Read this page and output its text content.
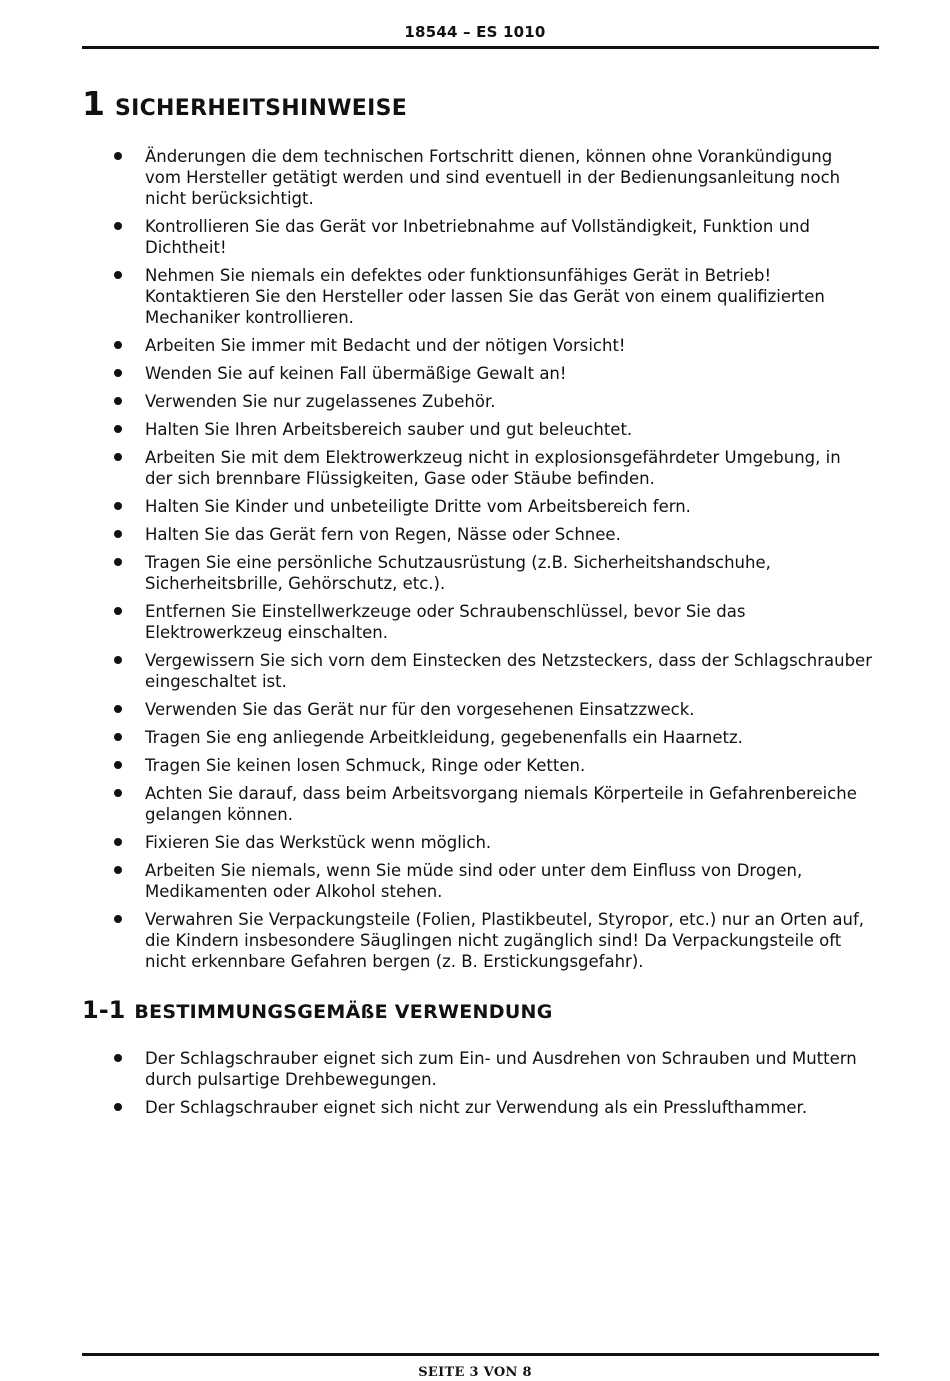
18544 – ES 1010
1 SICHERHEITSHINWEISE
Änderungen die dem technischen Fortschritt dienen, können ohne Vorankündigung vom Hersteller getätigt werden und sind eventuell in der Bedienungsanleitung noch nicht berücksichtigt.
Kontrollieren Sie das Gerät vor Inbetriebnahme auf Vollständigkeit, Funktion und Dichtheit!
Nehmen Sie niemals ein defektes oder funktionsunfähiges Gerät in Betrieb! Kontaktieren Sie den Hersteller oder lassen Sie das Gerät von einem qualifizierten Mechaniker kontrollieren.
Arbeiten Sie immer mit Bedacht und der nötigen Vorsicht!
Wenden Sie auf keinen Fall übermäßige Gewalt an!
Verwenden Sie nur zugelassenes Zubehör.
Halten Sie Ihren Arbeitsbereich sauber und gut beleuchtet.
Arbeiten Sie mit dem Elektrowerkzeug nicht in explosionsgefährdeter Umgebung, in der sich brennbare Flüssigkeiten, Gase oder Stäube befinden.
Halten Sie Kinder und unbeteiligte Dritte vom Arbeitsbereich fern.
Halten Sie das Gerät fern von Regen, Nässe oder Schnee.
Tragen Sie eine persönliche Schutzausrüstung (z.B. Sicherheitshandschuhe, Sicherheitsbrille, Gehörschutz, etc.).
Entfernen Sie Einstellwerkzeuge oder Schraubenschlüssel, bevor Sie das Elektrowerkzeug einschalten.
Vergewissern Sie sich vorn dem Einstecken des Netzsteckers, dass der Schlagschrauber eingeschaltet ist.
Verwenden Sie das Gerät nur für den vorgesehenen Einsatzzweck.
Tragen Sie eng anliegende Arbeitkleidung, gegebenenfalls ein Haarnetz.
Tragen Sie keinen losen Schmuck, Ringe oder Ketten.
Achten Sie darauf, dass beim Arbeitsvorgang niemals Körperteile in Gefahrenbereiche gelangen können.
Fixieren Sie das Werkstück wenn möglich.
Arbeiten Sie niemals, wenn Sie müde sind oder unter dem Einfluss von Drogen, Medikamenten oder Alkohol stehen.
Verwahren Sie Verpackungsteile (Folien, Plastikbeutel, Styropor, etc.) nur an Orten auf, die Kindern insbesondere Säuglingen nicht zugänglich sind! Da Verpackungsteile oft nicht erkennbare Gefahren bergen (z. B. Erstickungsgefahr).
1-1 BESTIMMUNGSGEMÄßE VERWENDUNG
Der Schlagschrauber eignet sich zum Ein- und Ausdrehen von Schrauben und Muttern durch pulsartige Drehbewegungen.
Der Schlagschrauber eignet sich nicht zur Verwendung als ein Presslufthammer.
SEITE 3 VON 8
